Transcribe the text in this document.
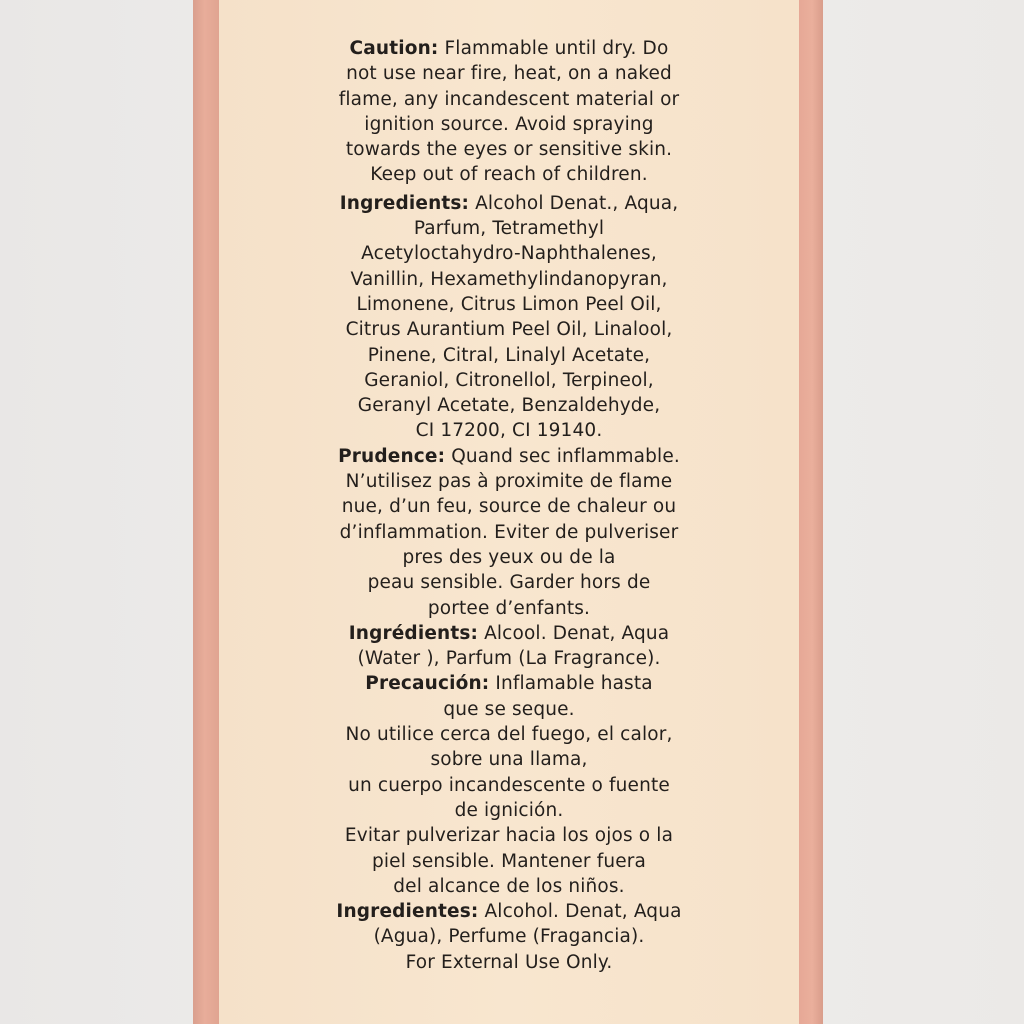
Caution: Flammable until dry. Do
not use near fire, heat, on a naked
flame, any incandescent material or
ignition source. Avoid spraying
towards the eyes or sensitive skin.
Keep out of reach of children.
Ingredients: Alcohol Denat., Aqua,
Parfum, Tetramethyl
Acetyloctahydro-Naphthalenes,
Vanillin, Hexamethylindanopyran,
Limonene, Citrus Limon Peel Oil,
Citrus Aurantium Peel Oil, Linalool,
Pinene, Citral, Linalyl Acetate,
Geraniol, Citronellol, Terpineol,
Geranyl Acetate, Benzaldehyde,
CI 17200, CI 19140.
Prudence: Quand sec inflammable.
N’utilisez pas à proximite de flame
nue, d’un feu, source de chaleur ou
d’inflammation. Eviter de pulveriser
pres des yeux ou de la
peau sensible. Garder hors de
portee d’enfants.
Ingrédients: Alcool. Denat, Aqua
(Water ), Parfum (La Fragrance).
Precaución: Inflamable hasta
que se seque.
No utilice cerca del fuego, el calor,
sobre una llama,
un cuerpo incandescente o fuente
de ignición.
Evitar pulverizar hacia los ojos o la
piel sensible. Mantener fuera
del alcance de los niños.
Ingredientes: Alcohol. Denat, Aqua
(Agua), Perfume (Fragancia).
For External Use Only.
